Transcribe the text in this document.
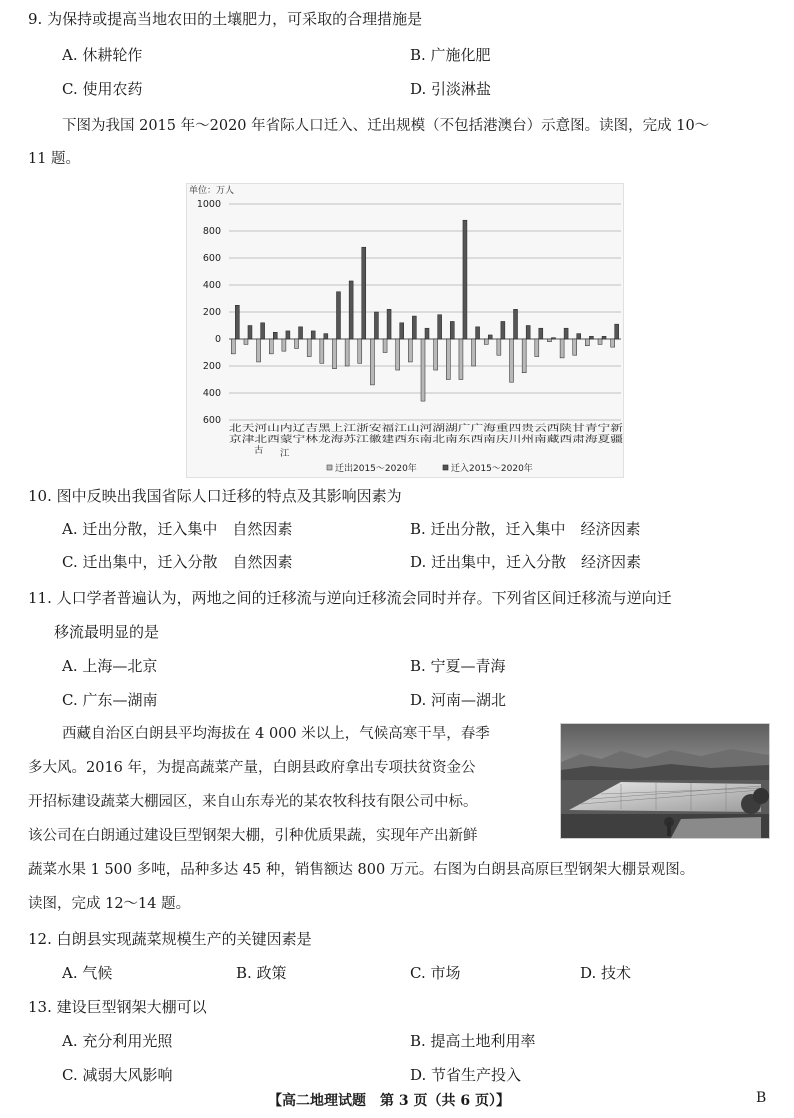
9. 为保持或提高当地农田的土壤肥力，可采取的合理措施是
A. 休耕轮作	B. 广施化肥
C. 使用农药	D. 引淡淋盐
下图为我国 2015 年～2020 年省际人口迁入、迁出规模（不包括港澳台）示意图。读图，完成 10～
11 题。
单位：万人
1000
800
600
400
200
0
200
400
600
北天河山内辽吉黑上江浙安福江山河湖湖广广海重四贵云西陕甘青宁新
京津北西蒙宁林龙海苏江徽建西东南北南东西南庆川州南藏西肃海夏疆
古 江
迁出2015～2020年	迁入2015～2020年
10. 图中反映出我国省际人口迁移的特点及其影响因素为
A. 迁出分散，迁入集中　自然因素	B. 迁出分散，迁入集中　经济因素
C. 迁出集中，迁入分散　自然因素	D. 迁出集中，迁入分散　经济因素
11. 人口学者普遍认为，两地之间的迁移流与逆向迁移流会同时并存。下列省区间迁移流与逆向迁
移流最明显的是
A. 上海—北京	B. 宁夏—青海
C. 广东—湖南	D. 河南—湖北
西藏自治区白朗县平均海拔在 4 000 米以上，气候高寒干旱，春季
多大风。2016 年，为提高蔬菜产量，白朗县政府拿出专项扶贫资金公
开招标建设蔬菜大棚园区，来自山东寿光的某农牧科技有限公司中标。
该公司在白朗通过建设巨型钢架大棚，引种优质果蔬，实现年产出新鲜
蔬菜水果 1 500 多吨，品种多达 45 种，销售额达 800 万元。右图为白朗县高原巨型钢架大棚景观图。
读图，完成 12～14 题。
12. 白朗县实现蔬菜规模生产的关键因素是
A. 气候	B. 政策	C. 市场	D. 技术
13. 建设巨型钢架大棚可以
A. 充分利用光照	B. 提高土地利用率
C. 减弱大风影响	D. 节省生产投入
【高二地理试题　第 3 页（共 6 页）】	B
